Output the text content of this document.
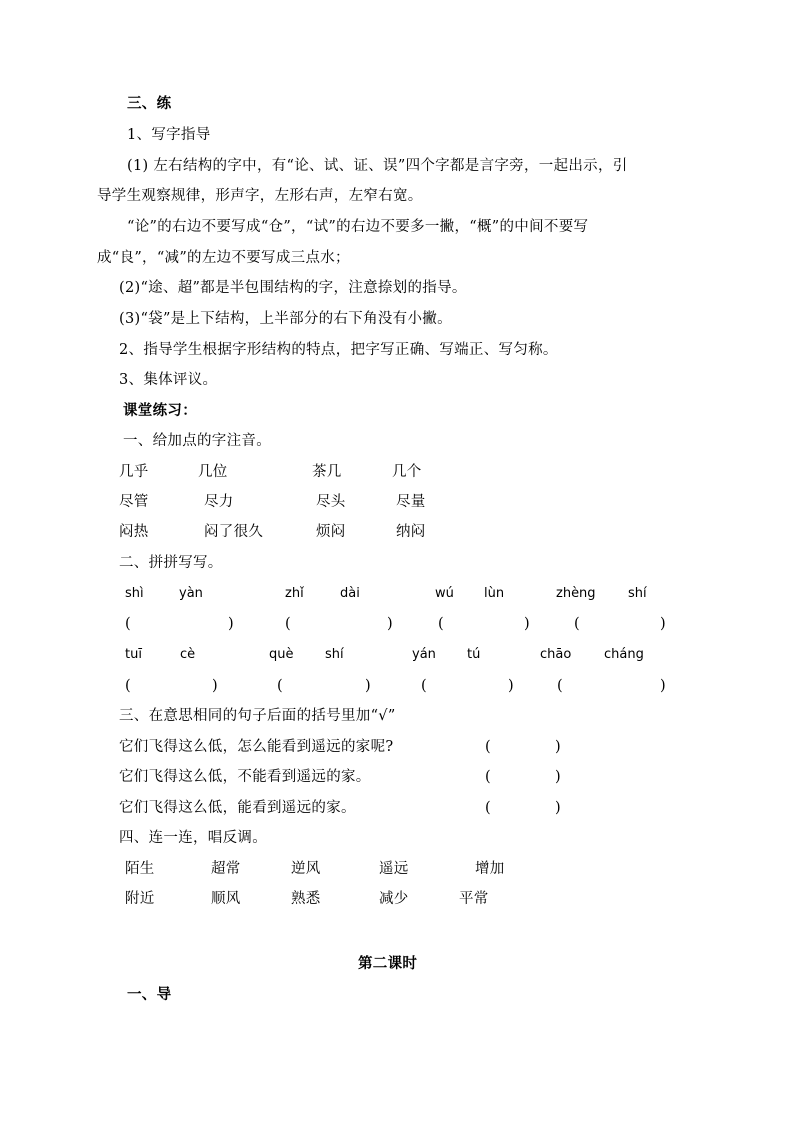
三、练
1、写字指导
(1) 左右结构的字中，有“论、试、证、误”四个字都是言字旁，一起出示，引
导学生观察规律，形声字，左形右声，左窄右宽。
“论”的右边不要写成“仓”，“试”的右边不要多一撇，“概”的中间不要写
成“良”，“减”的左边不要写成三点水；
(2)“途、超”都是半包围结构的字，注意捺划的指导。
(3)“袋”是上下结构，上半部分的右下角没有小撇。
2、指导学生根据字形结构的特点，把字写正确、写端正、写匀称。
3、集体评议。
课堂练习：
一、给加点的字注音。
几乎	几位	茶几	几个
尽管	尽力	尽头	尽量
闷热	闷了很久	烦闷	纳闷
二、拼拼写写。
shì	yàn	zhǐ	dài	wú lùn	zhèng shí
(	)	(	)	(	)	(	)
tuī	cè	què shí	yán tú	chāo	cháng
(	)	(	)	(	)	(	)
三、在意思相同的句子后面的括号里加“√”
它们飞得这么低，怎么能看到遥远的家呢?	(	)
它们飞得这么低，不能看到遥远的家。	(	)
它们飞得这么低，能看到遥远的家。	(	)
四、连一连，唱反调。
陌生	超常	逆风	遥远	增加
附近	顺风	熟悉	减少	平常
第二课时
一、导
